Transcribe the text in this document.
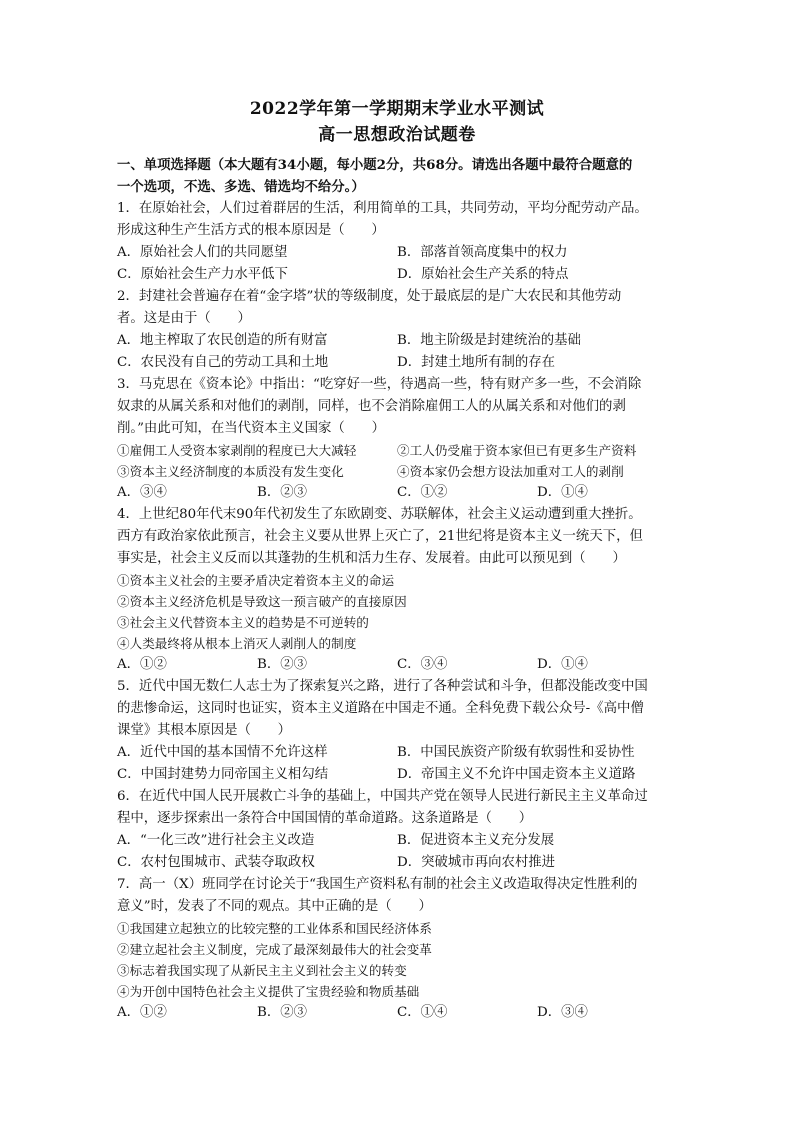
2022学年第一学期期末学业水平测试

高一思想政治试题卷

一、单项选择题（本大题有34小题，每小题2分，共68分。请选出各题中最符合题意的

一个选项，不选、多选、错选均不给分。）

1．在原始社会，人们过着群居的生活，利用简单的工具，共同劳动，平均分配劳动产品。

形成这种生产生活方式的根本原因是（　　）

A．原始社会人们的共同愿望	B．部落首领高度集中的权力
C．原始社会生产力水平低下	D．原始社会生产关系的特点

2．封建社会普遍存在着“金字塔”状的等级制度，处于最底层的是广大农民和其他劳动

者。这是由于（　　）

A．地主榨取了农民创造的所有财富	B．地主阶级是封建统治的基础
C．农民没有自己的劳动工具和土地	D．封建土地所有制的存在

3．马克思在《资本论》中指出：“吃穿好一些，待遇高一些，特有财产多一些，不会消除

奴隶的从属关系和对他们的剥削，同样，也不会消除雇佣工人的从属关系和对他们的剥

削。”由此可知，在当代资本主义国家（　　）

①雇佣工人受资本家剥削的程度已大大减轻	②工人仍受雇于资本家但已有更多生产资料
③资本主义经济制度的本质没有发生变化	④资本家仍会想方设法加重对工人的剥削
A．③④	B．②③	C．①②	D．①④

4．上世纪80年代末90年代初发生了东欧剧变、苏联解体，社会主义运动遭到重大挫折。

西方有政治家依此预言，社会主义要从世界上灭亡了，21世纪将是资本主义一统天下，但

事实是，社会主义反而以其蓬勃的生机和活力生存、发展着。由此可以预见到（　　）

①资本主义社会的主要矛盾决定着资本主义的命运

②资本主义经济危机是导致这一预言破产的直接原因

③社会主义代替资本主义的趋势是不可逆转的

④人类最终将从根本上消灭人剥削人的制度

A．①②	B．②③	C．③④	D．①④

5．近代中国无数仁人志士为了探索复兴之路，进行了各种尝试和斗争，但都没能改变中国

的悲惨命运，这同时也证实，资本主义道路在中国走不通。全科免费下载公众号-《高中僧

课堂》其根本原因是（　　）

A．近代中国的基本国情不允许这样	B．中国民族资产阶级有软弱性和妥协性
C．中国封建势力同帝国主义相勾结	D．帝国主义不允许中国走资本主义道路

6．在近代中国人民开展救亡斗争的基础上，中国共产党在领导人民进行新民主主义革命过

程中，逐步探索出一条符合中国国情的革命道路。这条道路是（　　）

A．“一化三改”进行社会主义改造	B．促进资本主义充分发展
C．农村包围城市、武装夺取政权	D．突破城市再向农村推进

7．高一（X）班同学在讨论关于“我国生产资料私有制的社会主义改造取得决定性胜利的

意义”时，发表了不同的观点。其中正确的是（　　）

①我国建立起独立的比较完整的工业体系和国民经济体系

②建立起社会主义制度，完成了最深刻最伟大的社会变革

③标志着我国实现了从新民主主义到社会主义的转变

④为开创中国特色社会主义提供了宝贵经验和物质基础

A．①②	B．②③	C．①④	D．③④
